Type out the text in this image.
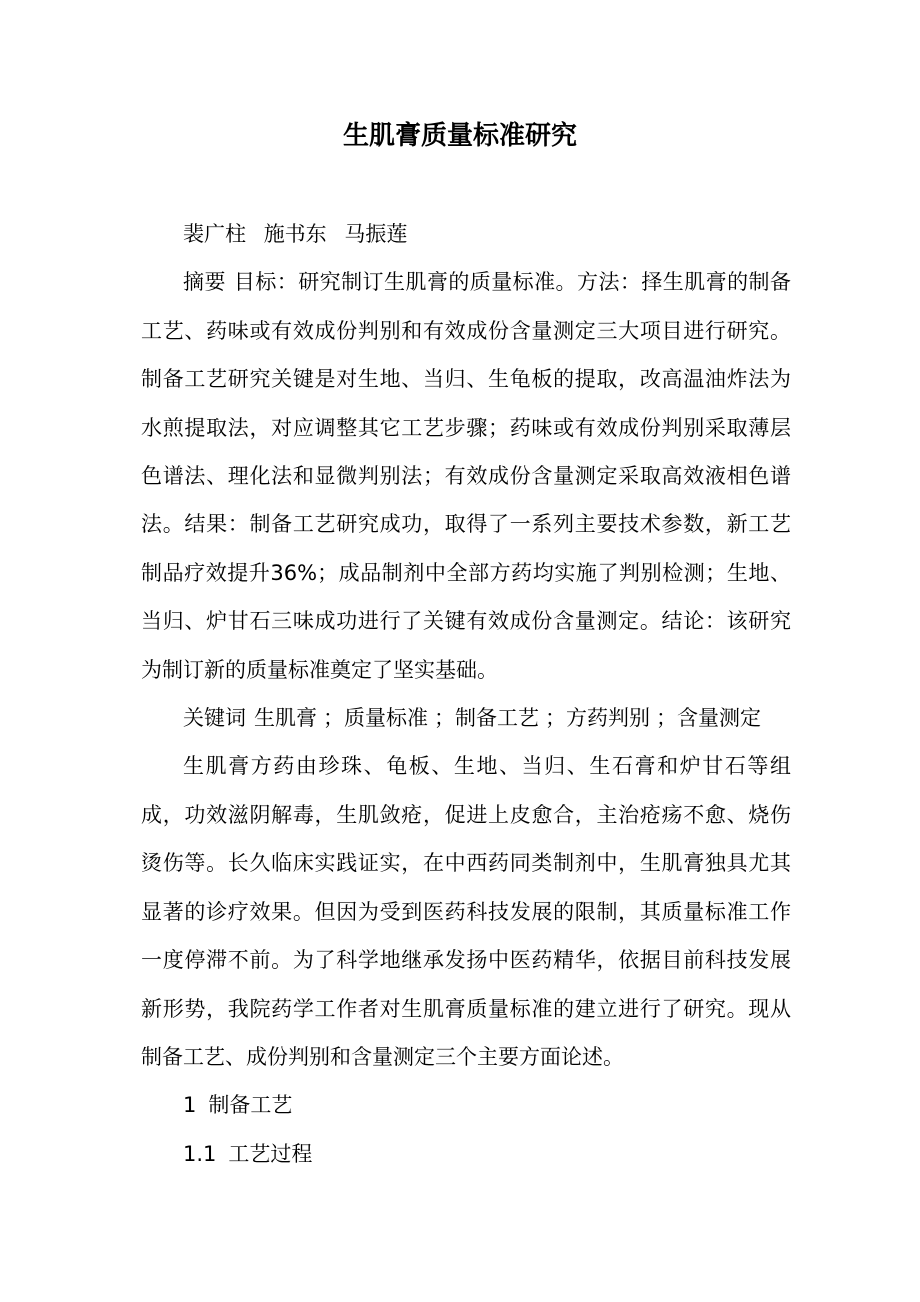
生肌膏质量标准研究

裴广柱 施书东 马振莲

摘要 目标：研究制订生肌膏的质量标准。方法：择生肌膏的制备工艺、药味或有效成份判别和有效成份含量测定三大项目进行研究。制备工艺研究关键是对生地、当归、生龟板的提取，改高温油炸法为水煎提取法，对应调整其它工艺步骤；药味或有效成份判别采取薄层色谱法、理化法和显微判别法；有效成份含量测定采取高效液相色谱法。结果：制备工艺研究成功，取得了一系列主要技术参数，新工艺制品疗效提升36%；成品制剂中全部方药均实施了判别检测；生地、当归、炉甘石三味成功进行了关键有效成份含量测定。结论：该研究为制订新的质量标准奠定了坚实基础。

关键词 生肌膏 ；质量标准 ；制备工艺 ；方药判别 ；含量测定

生肌膏方药由珍珠、龟板、生地、当归、生石膏和炉甘石等组成，功效滋阴解毒，生肌敛疮，促进上皮愈合，主治疮疡不愈、烧伤烫伤等。长久临床实践证实，在中西药同类制剂中，生肌膏独具尤其显著的诊疗效果。但因为受到医药科技发展的限制，其质量标准工作一度停滞不前。为了科学地继承发扬中医药精华，依据目前科技发展新形势，我院药学工作者对生肌膏质量标准的建立进行了研究。现从制备工艺、成份判别和含量测定三个主要方面论述。

1 制备工艺

1.1 工艺过程
